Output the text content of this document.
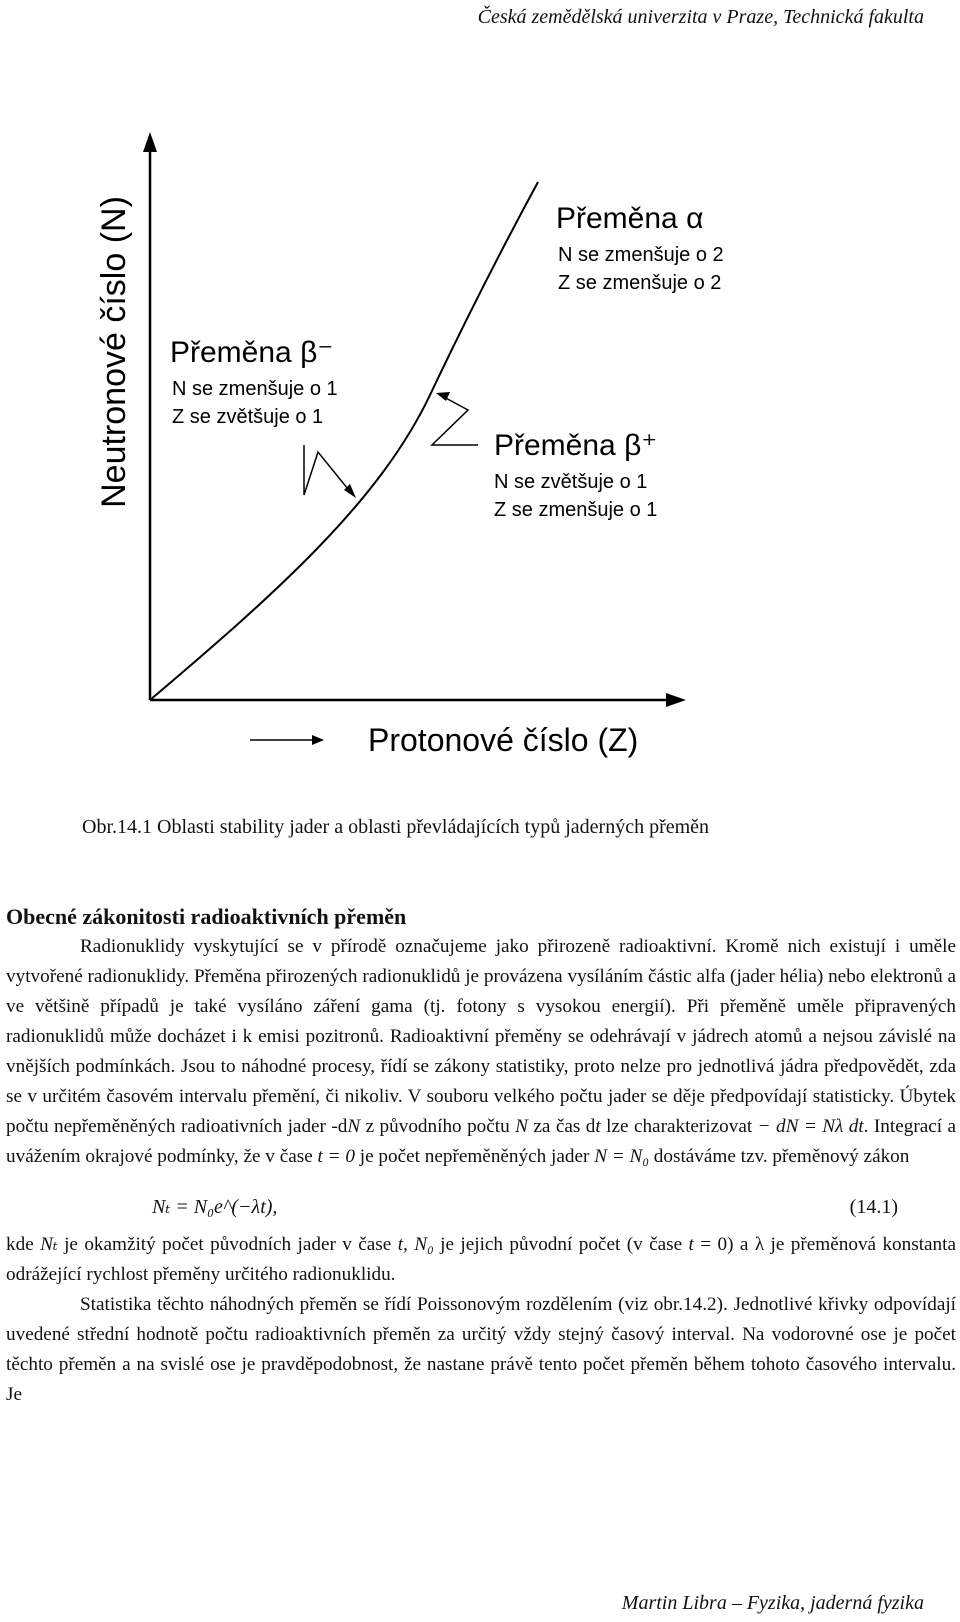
Česká zemědělská univerzita v Praze, Technická fakulta
Neutronové číslo (N)
Protonové číslo (Z)
Přeměna α
N se zmenšuje o 2
Z se zmenšuje o 2
Přeměna β⁻
N se zmenšuje o 1
Z se zvětšuje o 1
Přeměna β⁺
N se zvětšuje o 1
Z se zmenšuje o 1
Obr.14.1 Oblasti stability jader a oblasti převládajících typů jaderných přeměn
Obecné zákonitosti radioaktivních přeměn

Radionuklidy vyskytující se v přírodě označujeme jako přirozeně radioaktivní. Kromě nich existují i uměle vytvořené radionuklidy. Přeměna přirozených radionuklidů je provázena vysíláním částic alfa (jader hélia) nebo elektronů a ve většině případů je také vysíláno záření gama (tj. fotony s vysokou energií). Při přeměně uměle připravených radionuklidů může docházet i k emisi pozitronů. Radioaktivní přeměny se odehrávají v jádrech atomů a nejsou závislé na vnějších podmínkách. Jsou to náhodné procesy, řídí se zákony statistiky, proto nelze pro jednotlivá jádra předpovědět, zda se v určitém časovém intervalu přemění, či nikoliv. V souboru velkého počtu jader se děje předpovídají statisticky. Úbytek počtu nepřeměněných radioativních jader -dN z původního počtu N za čas dt lze charakterizovat − dN = Nλ dt. Integrací a uvážením okrajové podmínky, že v čase t = 0 je počet nepřeměněných jader N = N₀ dostáváme tzv. přeměnový zákon

Nₜ = N₀e^(−λt),	(14.1)

kde Nₜ je okamžitý počet původních jader v čase t, N₀ je jejich původní počet (v čase t = 0) a λ je přeměnová konstanta odrážející rychlost přeměny určitého radionuklidu.

Statistika těchto náhodných přeměn se řídí Poissonovým rozdělením (viz obr.14.2). Jednotlivé křivky odpovídají uvedené střední hodnotě počtu radioaktivních přeměn za určitý vždy stejný časový interval. Na vodorovné ose je počet těchto přeměn a na svislé ose je pravděpodobnost, že nastane právě tento počet přeměn během tohoto časového intervalu. Je

Martin Libra – Fyzika, jaderná fyzika
